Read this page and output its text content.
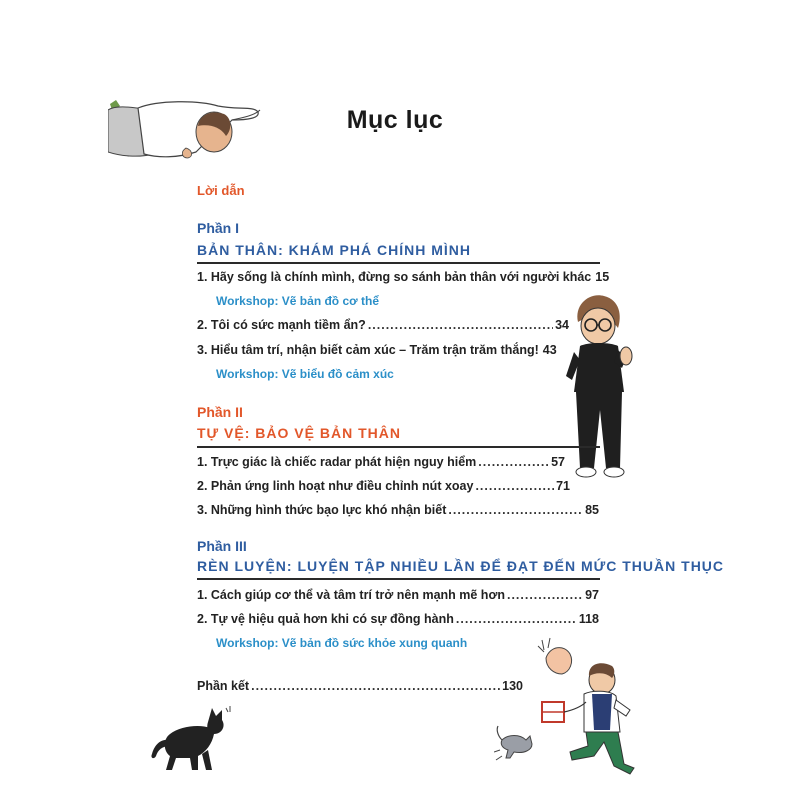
Mục lục
Lời dẫn
Phần I
BẢN THÂN: KHÁM PHÁ CHÍNH MÌNH
1. Hãy sống là chính mình, đừng so sánh bản thân với người khác 15
Workshop: Vẽ bản đồ cơ thể
2. Tôi có sức mạnh tiềm ẩn? .....	34
3. Hiểu tâm trí, nhận biết cảm xúc – Trăm trận trăm thắng! 43
Workshop: Vẽ biểu đồ cảm xúc
Phần II
TỰ VỆ: BẢO VỆ BẢN THÂN
1. Trực giác là chiếc radar phát hiện nguy hiểm .....	57
2. Phản ứng linh hoạt như điều chỉnh nút xoay .....	71
3. Những hình thức bạo lực khó nhận biết .....	85
Phần III
RÈN LUYỆN: LUYỆN TẬP NHIỀU LẦN ĐỂ ĐẠT ĐẾN MỨC THUẦN THỤC
1. Cách giúp cơ thể và tâm trí trở nên mạnh mẽ hơn .....	97
2. Tự vệ hiệu quả hơn khi có sự đồng hành .....	118
Workshop: Vẽ bản đồ sức khỏe xung quanh
Phần kết .....	130
